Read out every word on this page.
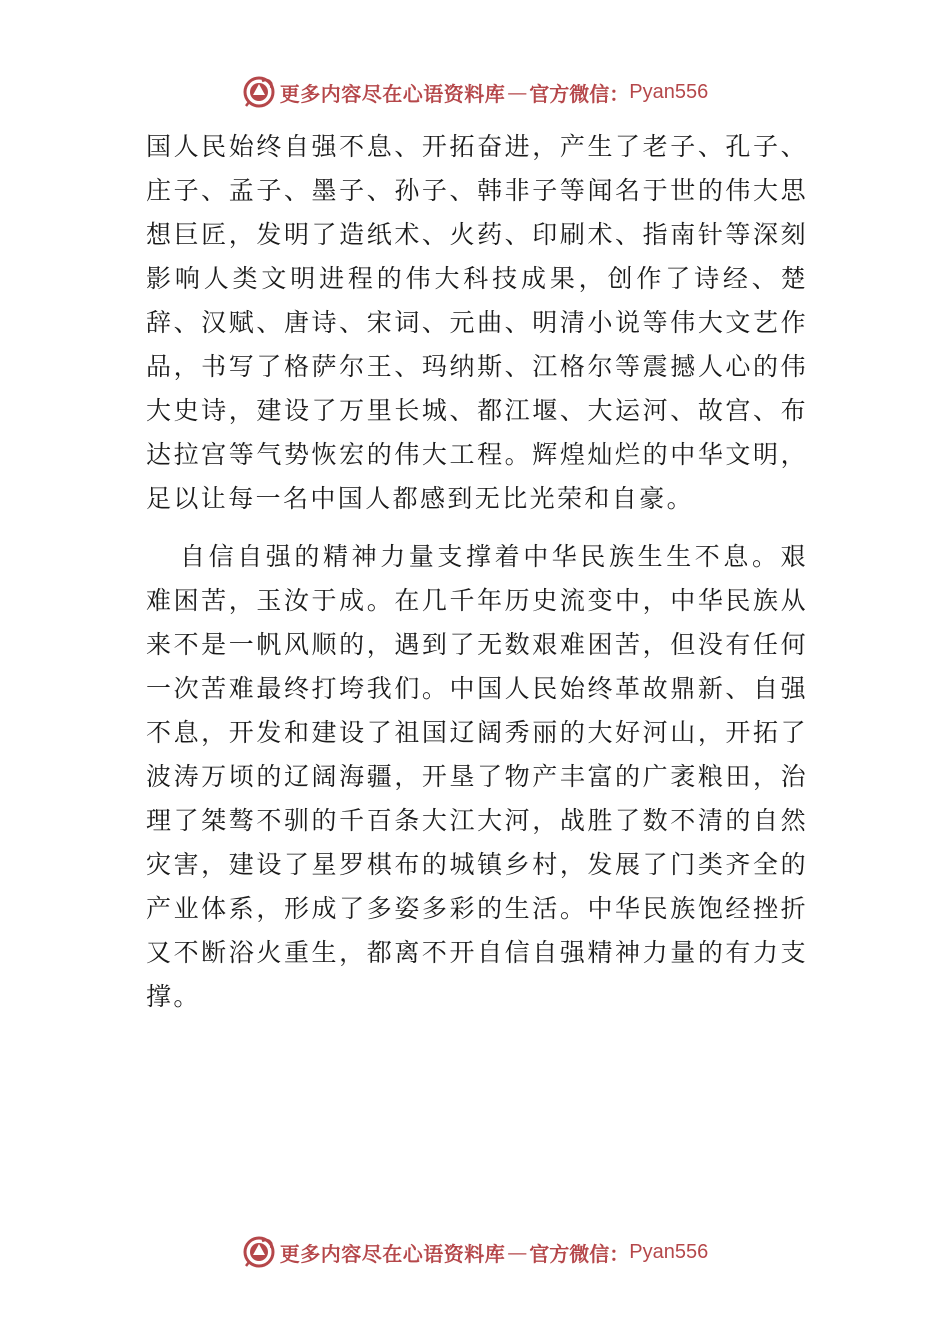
更多内容尽在心语资料库 — 官方微信： Pyan556

国人民始终自强不息、开拓奋进，产生了老子、孔子、庄子、孟子、墨子、孙子、韩非子等闻名于世的伟大思想巨匠，发明了造纸术、火药、印刷术、指南针等深刻影响人类文明进程的伟大科技成果，创作了诗经、楚辞、汉赋、唐诗、宋词、元曲、明清小说等伟大文艺作品，书写了格萨尔王、玛纳斯、江格尔等震撼人心的伟大史诗，建设了万里长城、都江堰、大运河、故宫、布达拉宫等气势恢宏的伟大工程。辉煌灿烂的中华文明，足以让每一名中国人都感到无比光荣和自豪。

自信自强的精神力量支撑着中华民族生生不息。艰难困苦，玉汝于成。在几千年历史流变中，中华民族从来不是一帆风顺的，遇到了无数艰难困苦，但没有任何一次苦难最终打垮我们。中国人民始终革故鼎新、自强不息，开发和建设了祖国辽阔秀丽的大好河山，开拓了波涛万顷的辽阔海疆，开垦了物产丰富的广袤粮田，治理了桀骜不驯的千百条大江大河，战胜了数不清的自然灾害，建设了星罗棋布的城镇乡村，发展了门类齐全的产业体系，形成了多姿多彩的生活。中华民族饱经挫折又不断浴火重生，都离不开自信自强精神力量的有力支撑。

更多内容尽在心语资料库 — 官方微信： Pyan556
